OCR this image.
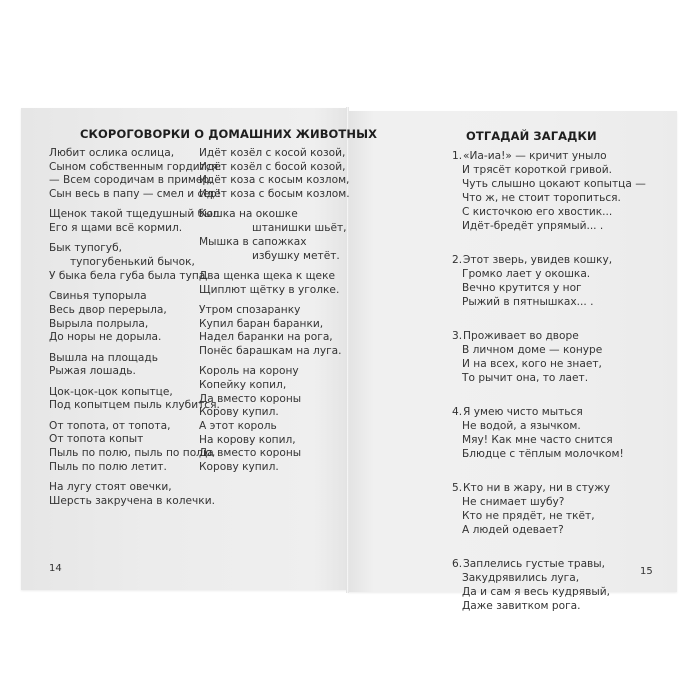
СКОРОГОВОРКИ О ДОМАШНИХ ЖИВОТНЫХ
Любит ослика ослица,
Сыном собственным гордится:
— Всем сородичам в пример,
Сын весь в папу — смел и сер!
Щенок такой тщедушный был.
Его я щами всё кормил.
Бык тупогуб,
тупогубенький бычок,
У быка бела губа была тупа.
Свинья тупорыла
Весь двор перерыла,
Вырыла полрыла,
До норы не дорыла.
Вышла на площадь
Рыжая лошадь.
Цок-цок-цок копытце,
Под копытцем пыль клубится.
От топота, от топота,
От топота копыт
Пыль по полю, пыль по полю,
Пыль по полю летит.
На лугу стоят овечки,
Шерсть закручена в колечки.
Идёт козёл с косой козой,
Идёт козёл с босой козой,
Идёт коза с косым козлом,
Идёт коза с босым козлом.
Кошка на окошке
штанишки шьёт,
Мышка в сапожках
избушку метёт.
Два щенка щека к щеке
Щиплют щётку в уголке.
Утром спозаранку
Купил баран баранки,
Надел баранки на рога,
Понёс барашкам на луга.
Король на корону
Копейку копил,
Да вместо короны
Корову купил.
А этот король
На корову копил,
Да вместо короны
Корову купил.
14
ОТГАДАЙ ЗАГАДКИ
1. «Иа-иа!» — кричит уныло
И трясёт короткой гривой.
Чуть слышно цокают копытца —
Что ж, не стоит торопиться.
С кисточкою его хвостик...
Идёт-бредёт упрямый... .
2. Этот зверь, увидев кошку,
Громко лает у окошка.
Вечно крутится у ног
Рыжий в пятнышках... .
3. Проживает во дворе
В личном доме — конуре
И на всех, кого не знает,
То рычит она, то лает.
4. Я умею чисто мыться
Не водой, а язычком.
Мяу! Как мне часто снится
Блюдце с тёплым молочком!
5. Кто ни в жару, ни в стужу
Не снимает шубу?
Кто не прядёт, не ткёт,
А людей одевает?
6. Заплелись густые травы,
Закудрявились луга,
Да и сам я весь кудрявый,
Даже завитком рога.
15
